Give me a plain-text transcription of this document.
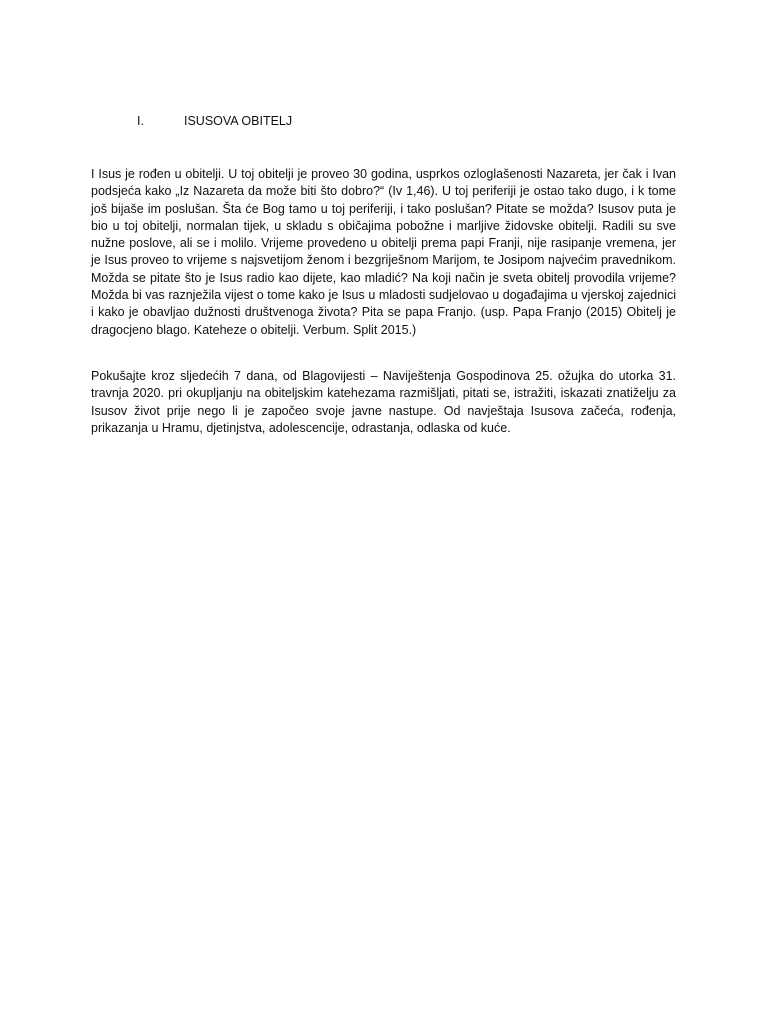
I.	ISUSOVA OBITELJ

I Isus je rođen u obitelji. U toj obitelji je proveo 30 godina, usprkos ozloglašenosti Nazareta, jer čak i Ivan podsjeća kako „Iz Nazareta da može biti što dobro?“ (Iv 1,46). U toj periferiji je ostao tako dugo, i k tome još bijaše im poslušan. Šta će Bog tamo u toj periferiji, i tako poslušan? Pitate se možda? Isusov puta je bio u toj obitelji, normalan tijek, u skladu s običajima pobožne i marljive židovske obitelji. Radili su sve nužne poslove, ali se i molilo. Vrijeme provedeno u obitelji prema papi Franji, nije rasipanje vremena, jer je Isus proveo to vrijeme s najsvetijom ženom i bezgriješnom Marijom, te Josipom najvećim pravednikom. Možda se pitate što je Isus radio kao dijete, kao mladić? Na koji način je sveta obitelj provodila vrijeme? Možda bi vas raznježila vijest o tome kako je Isus u mladosti sudjelovao u događajima u vjerskoj zajednici i kako je obavljao dužnosti društvenoga života? Pita se papa Franjo. (usp. Papa Franjo (2015) Obitelj je dragocjeno blago. Kateheze o obitelji. Verbum. Split 2015.)

Pokušajte kroz sljedećih 7 dana, od Blagovijesti – Naviještenja Gospodinova 25. ožujka do utorka 31. travnja 2020. pri okupljanju na obiteljskim katehezama razmišljati, pitati se, istražiti, iskazati znatiželju za Isusov život prije nego li je započeo svoje javne nastupe. Od navještaja Isusova začeća, rođenja, prikazanja u Hramu, djetinjstva, adolescencije, odrastanja, odlaska od kuće.
